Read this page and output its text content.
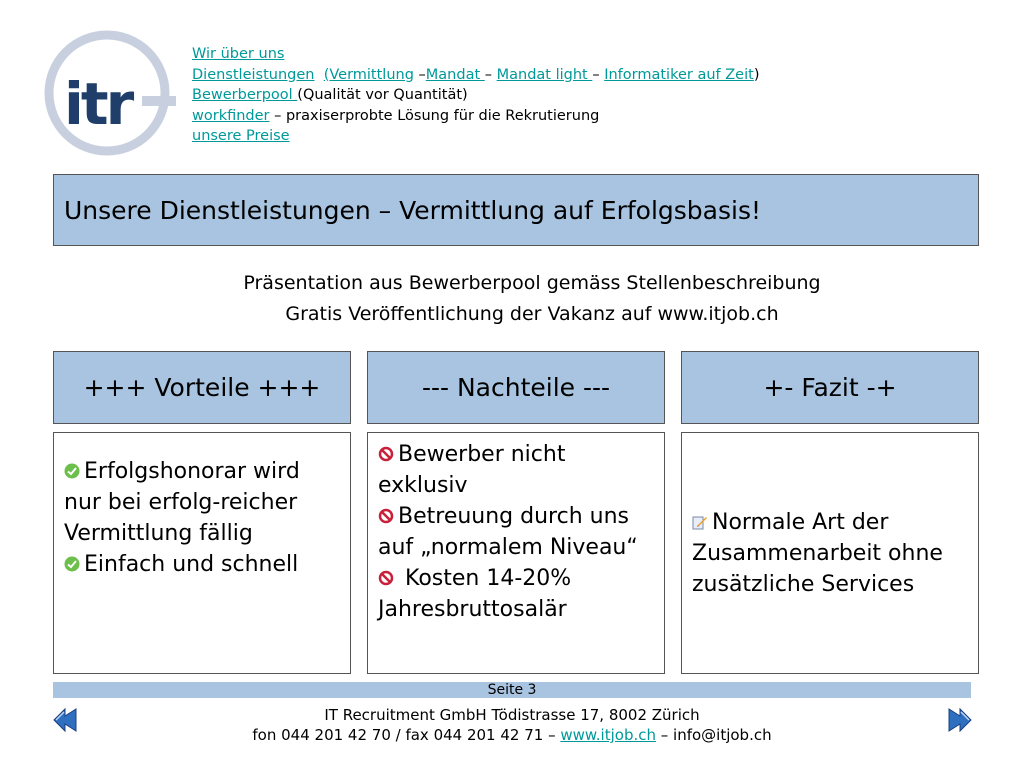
itr
Wir über uns
Dienstleistungen (Vermittlung –Mandat – Mandat light – Informatiker auf Zeit)
Bewerberpool (Qualität vor Quantität)
workfinder – praxiserprobte Lösung für die Rekrutierung
unsere Preise
Unsere Dienstleistungen – Vermittlung auf Erfolgsbasis!
Präsentation aus Bewerberpool gemäss Stellenbeschreibung
Gratis Veröffentlichung der Vakanz auf www.itjob.ch
+++ Vorteile +++	--- Nachteile ---	+- Fazit -+
Erfolgshonorar wird nur bei erfolg-reicher Vermittlung fällig
Einfach und schnell
Bewerber nicht exklusiv
Betreuung durch uns auf „normalem Niveau“
Kosten 14-20% Jahresbruttosalär
Normale Art der Zusammenarbeit ohne zusätzliche Services
Seite 3
IT Recruitment GmbH Tödistrasse 17, 8002 Zürich
fon 044 201 42 70 / fax 044 201 42 71 – www.itjob.ch – info@itjob.ch
